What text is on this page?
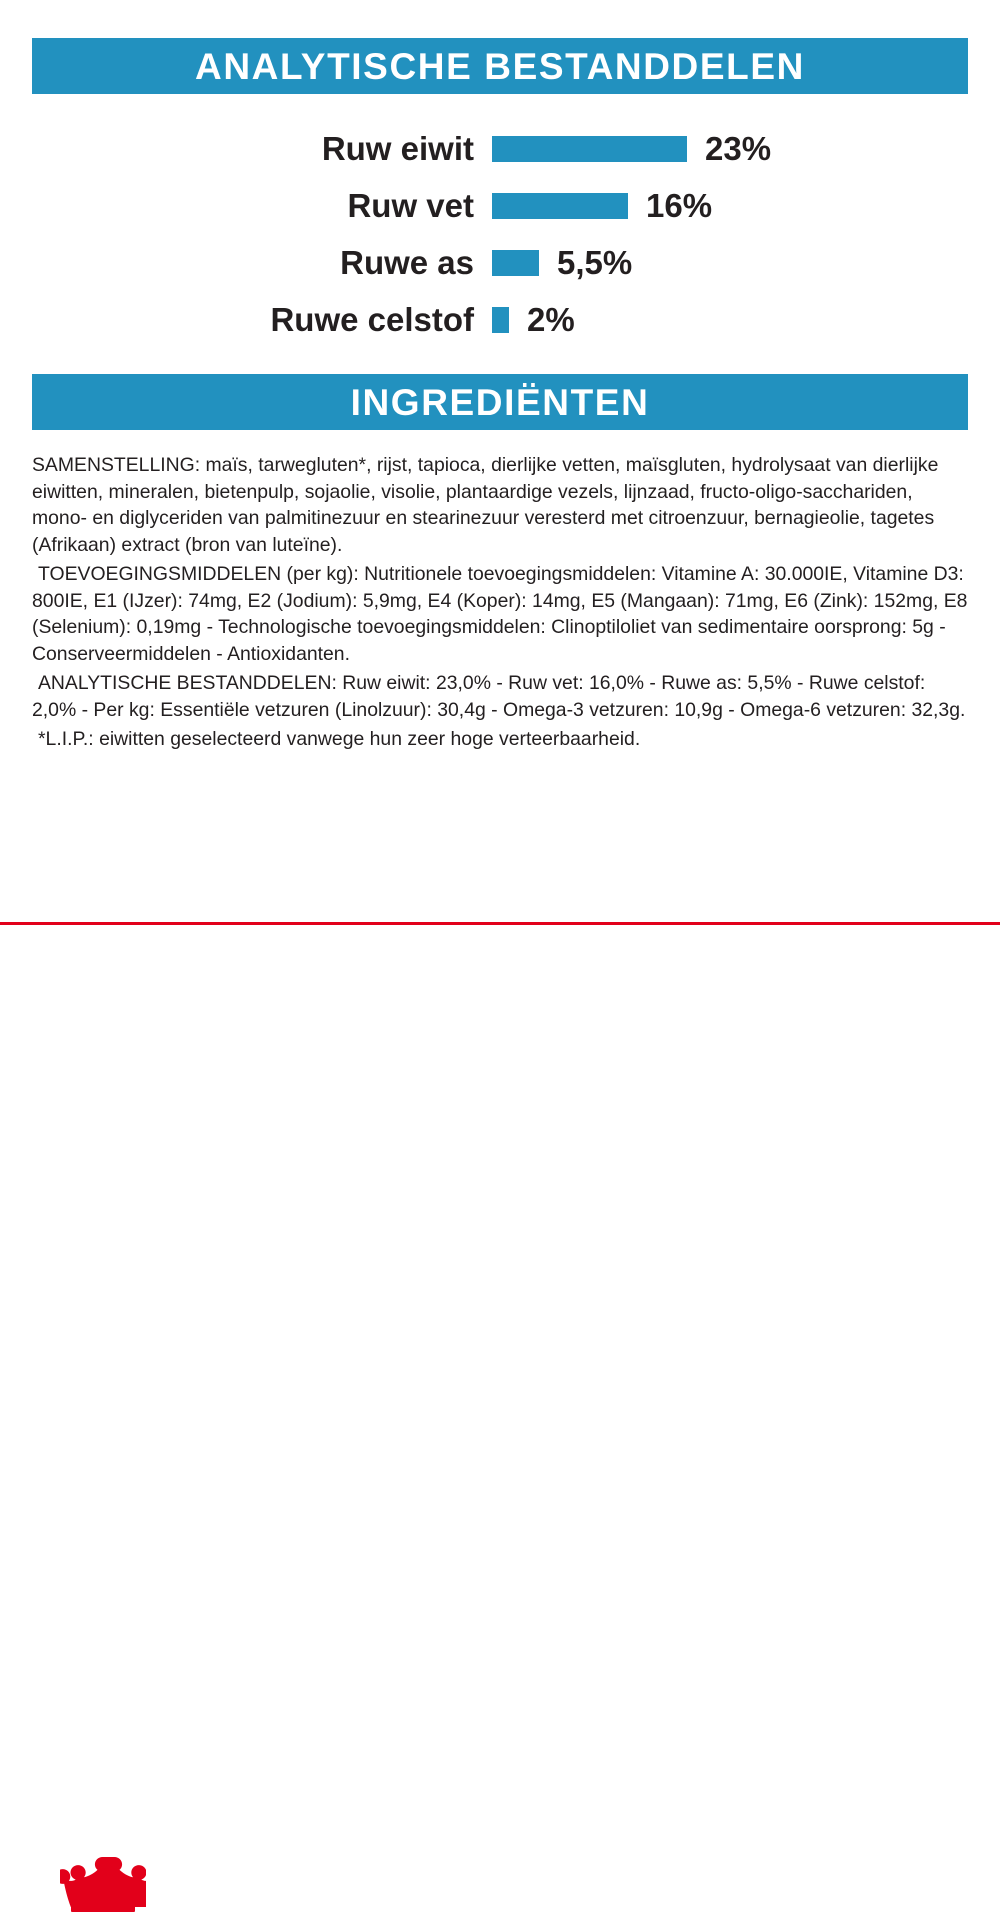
ANALYTISCHE BESTANDDELEN
Ruw eiwit	23%
Ruw vet	16%
Ruwe as	5,5%
Ruwe celstof	2%
INGREDIËNTEN

SAMENSTELLING: maïs, tarwegluten*, rijst, tapioca, dierlijke vetten, maïsgluten, hydrolysaat van dierlijke eiwitten, mineralen, bietenpulp, sojaolie, visolie, plantaardige vezels, lijnzaad, fructo-oligo-sacchariden, mono- en diglyceriden van palmitinezuur en stearinezuur veresterd met citroenzuur, bernagieolie, tagetes (Afrikaan) extract (bron van luteïne).

TOEVOEGINGSMIDDELEN (per kg): Nutritionele toevoegingsmiddelen: Vitamine A: 30.000IE, Vitamine D3: 800IE, E1 (IJzer): 74mg, E2 (Jodium): 5,9mg, E4 (Koper): 14mg, E5 (Mangaan): 71mg, E6 (Zink): 152mg, E8 (Selenium): 0,19mg - Technologische toevoegingsmiddelen: Clinoptiloliet van sedimentaire oorsprong: 5g - Conserveermiddelen - Antioxidanten.

ANALYTISCHE BESTANDDELEN: Ruw eiwit: 23,0% - Ruw vet: 16,0% - Ruwe as: 5,5% - Ruwe celstof: 2,0% - Per kg: Essentiële vetzuren (Linolzuur): 30,4g - Omega-3 vetzuren: 10,9g - Omega-6 vetzuren: 32,3g.

*L.I.P.: eiwitten geselecteerd vanwege hun zeer hoge verteerbaarheid.
